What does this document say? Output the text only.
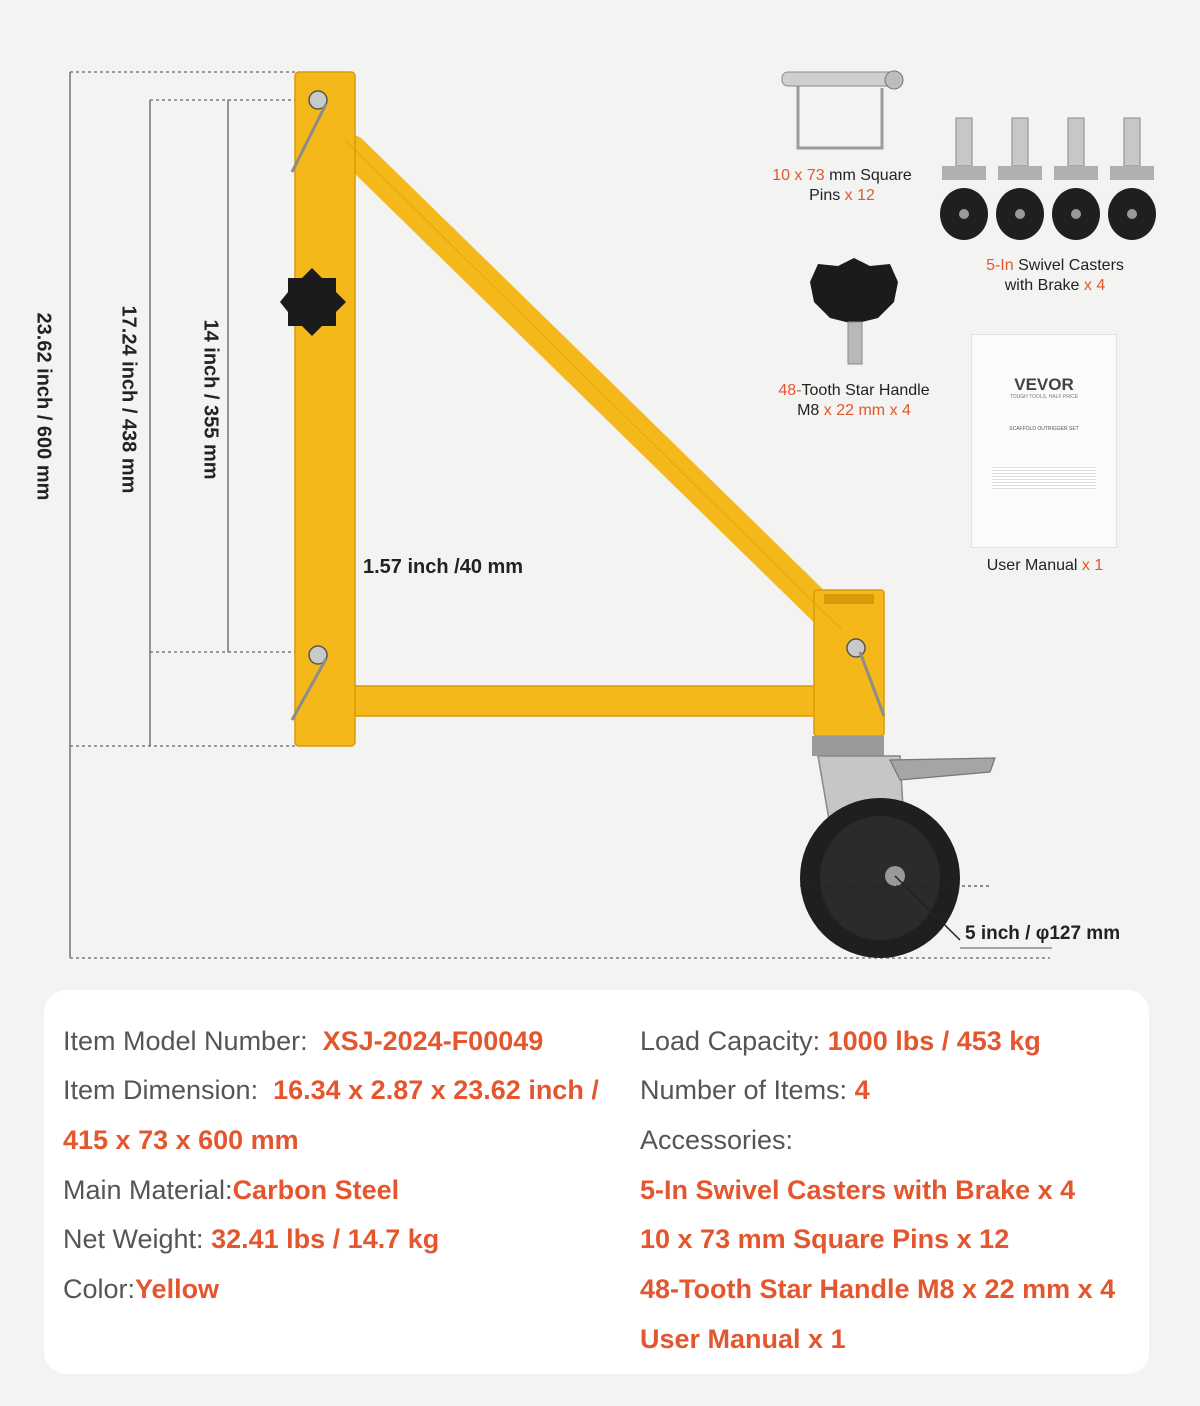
23.62 inch / 600 mm	17.24 inch / 438 mm	14 inch / 355 mm
1.57 inch /40 mm
5 inch / φ127 mm
10 x 73 mm Square
Pins x 12
5-In Swivel Casters
with Brake x 4
48-Tooth Star Handle
M8 x 22 mm x 4
VEVOR
TOUGH TOOLS, HALF PRICE
SCAFFOLD OUTRIGGER SET
User Manual x 1
Item Model Number: XSJ-2024-F00049
Item Dimension: 16.34 x 2.87 x 23.62 inch /
415 x 73 x 600 mm
Main Material:Carbon Steel
Net Weight: 32.41 lbs / 14.7 kg
Color:Yellow
Load Capacity: 1000 lbs / 453 kg
Number of Items: 4
Accessories:
5-In Swivel Casters with Brake x 4
10 x 73 mm Square Pins x 12
48-Tooth Star Handle M8 x 22 mm x 4
User Manual x 1
